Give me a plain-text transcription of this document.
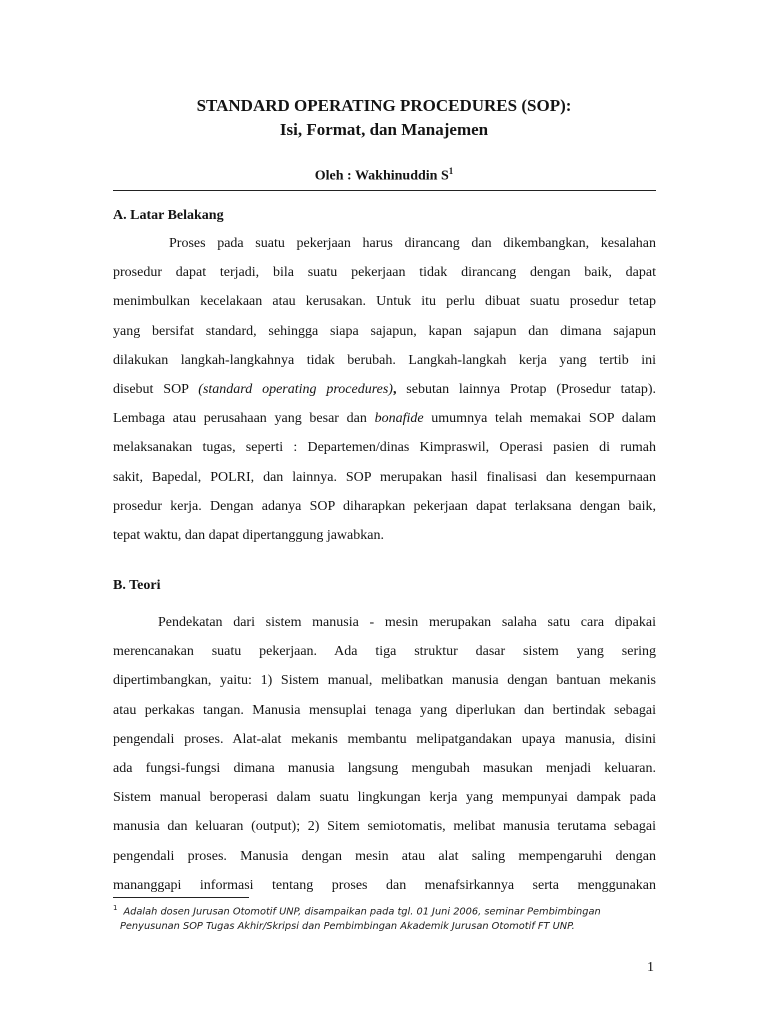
STANDARD OPERATING PROCEDURES (SOP):
Isi, Format, dan Manajemen
Oleh : Wakhinuddin $S^1$
A. Latar Belakang
Proses pada suatu pekerjaan harus dirancang dan dikembangkan, kesalahan
prosedur dapat terjadi, bila suatu pekerjaan tidak dirancang dengan baik, dapat
menimbulkan kecelakaan atau kerusakan. Untuk itu perlu dibuat suatu prosedur tetap
yang bersifat standard, sehingga siapa sajapun, kapan sajapun dan dimana sajapun
dilakukan langkah-langkahnya tidak berubah. Langkah-langkah kerja yang tertib ini
disebut SOP (standard operating procedures), sebutan lainnya Protap (Prosedur tatap).
Lembaga atau perusahaan yang besar dan bonafide umumnya telah memakai SOP dalam
melaksanakan tugas, seperti : Departemen/dinas Kimpraswil, Operasi pasien di rumah
sakit, Bapedal, POLRI, dan lainnya. SOP merupakan hasil finalisasi dan kesempurnaan
prosedur kerja. Dengan adanya SOP diharapkan pekerjaan dapat terlaksana dengan baik,
tepat waktu, dan dapat dipertanggung jawabkan.
B. Teori
Pendekatan dari sistem manusia - mesin merupakan salaha satu cara dipakai
merencanakan suatu pekerjaan. Ada tiga struktur dasar sistem yang sering
dipertimbangkan, yaitu: 1) Sistem manual, melibatkan manusia dengan bantuan mekanis
atau perkakas tangan. Manusia mensuplai tenaga yang diperlukan dan bertindak sebagai
pengendali proses. Alat-alat mekanis membantu melipatgandakan upaya manusia, disini
ada fungsi-fungsi dimana manusia langsung mengubah masukan menjadi keluaran.
Sistem manual beroperasi dalam suatu lingkungan kerja yang mempunyai dampak pada
manusia dan keluaran (output); 2) Sitem semiotomatis, melibat manusia terutama sebagai
pengendali proses. Manusia dengan mesin atau alat saling mempengaruhi dengan
mananggapi informasi tentang proses dan menafsirkannya serta menggunakan
$^1$ Adalah dosen Jurusan Otomotif UNP, disampaikan pada tgl. 01 Juni 2006, seminar Pembimbingan
Penyusunan SOP Tugas Akhir/Skripsi dan Pembimbingan Akademik Jurusan Otomotif FT UNP.
1
